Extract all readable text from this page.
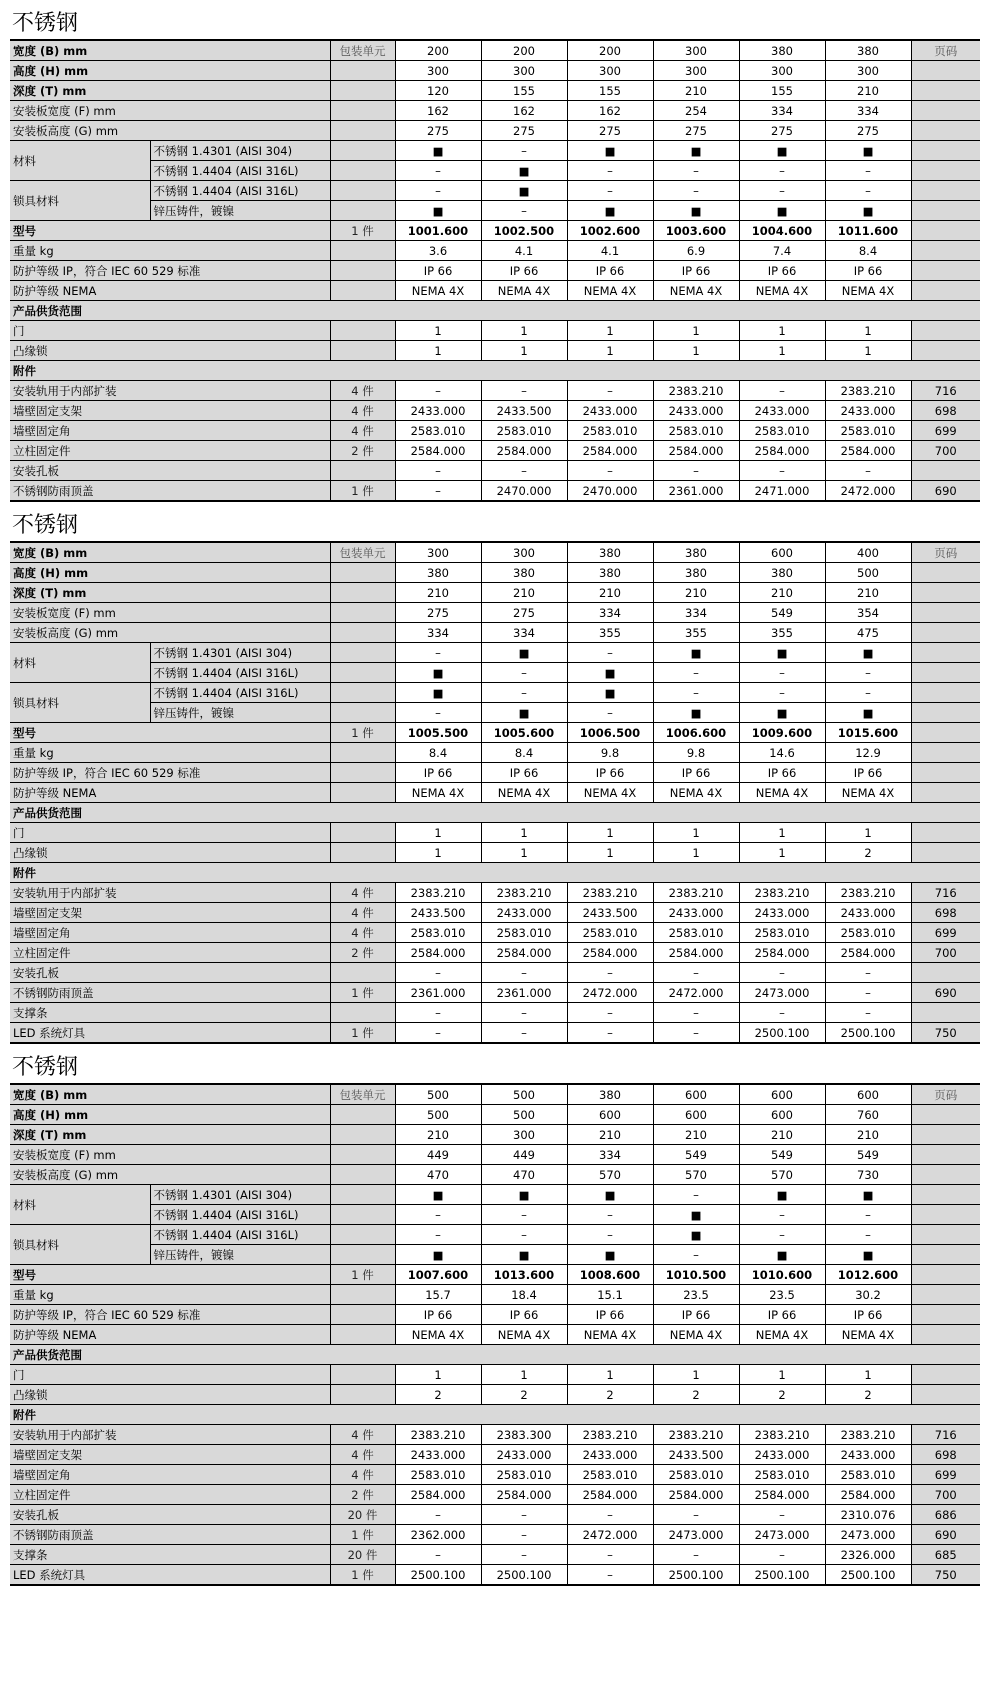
不锈钢
宽度 (B) mm		包装单元	200	200	200	300	380	380	页码
高度 (H) mm			300	300	300	300	300	300	
深度 (T) mm			120	155	155	210	155	210	
安装板宽度 (F) mm			162	162	162	254	334	334	
安装板高度 (G) mm			275	275	275	275	275	275	
材料	不锈钢 1.4301 (AISI 304)		■	–	■	■	■	■	
	不锈钢 1.4404 (AISI 316L)		–	■	–	–	–	–	
锁具材料	不锈钢 1.4404 (AISI 316L)		–	■	–	–	–	–	
	锌压铸件，镀镍		■	–	■	■	■	■	
型号		1 件	1001.600	1002.500	1002.600	1003.600	1004.600	1011.600	
重量 kg			3.6	4.1	4.1	6.9	7.4	8.4	
防护等级 IP，符合 IEC 60 529 标准			IP 66	IP 66	IP 66	IP 66	IP 66	IP 66	
防护等级 NEMA			NEMA 4X	NEMA 4X	NEMA 4X	NEMA 4X	NEMA 4X	NEMA 4X	
产品供货范围									
门			1	1	1	1	1	1	
凸缘锁			1	1	1	1	1	1	
附件									
安装轨用于内部扩装		4 件	–	–	–	2383.210	–	2383.210	716
墙壁固定支架		4 件	2433.000	2433.500	2433.000	2433.000	2433.000	2433.000	698
墙壁固定角		4 件	2583.010	2583.010	2583.010	2583.010	2583.010	2583.010	699
立柱固定件		2 件	2584.000	2584.000	2584.000	2584.000	2584.000	2584.000	700
安装孔板			–	–	–	–	–	–	
不锈钢防雨顶盖		1 件	–	2470.000	2470.000	2361.000	2471.000	2472.000	690
不锈钢
宽度 (B) mm		包装单元	300	300	380	380	600	400	页码
高度 (H) mm			380	380	380	380	380	500	
深度 (T) mm			210	210	210	210	210	210	
安装板宽度 (F) mm			275	275	334	334	549	354	
安装板高度 (G) mm			334	334	355	355	355	475	
材料	不锈钢 1.4301 (AISI 304)		–	■	–	■	■	■	
	不锈钢 1.4404 (AISI 316L)		■	–	■	–	–	–	
锁具材料	不锈钢 1.4404 (AISI 316L)		■	–	■	–	–	–	
	锌压铸件，镀镍		–	■	–	■	■	■	
型号		1 件	1005.500	1005.600	1006.500	1006.600	1009.600	1015.600	
重量 kg			8.4	8.4	9.8	9.8	14.6	12.9	
防护等级 IP，符合 IEC 60 529 标准			IP 66	IP 66	IP 66	IP 66	IP 66	IP 66	
防护等级 NEMA			NEMA 4X	NEMA 4X	NEMA 4X	NEMA 4X	NEMA 4X	NEMA 4X	
产品供货范围									
门			1	1	1	1	1	1	
凸缘锁			1	1	1	1	1	2	
附件									
安装轨用于内部扩装		4 件	2383.210	2383.210	2383.210	2383.210	2383.210	2383.210	716
墙壁固定支架		4 件	2433.500	2433.000	2433.500	2433.000	2433.000	2433.000	698
墙壁固定角		4 件	2583.010	2583.010	2583.010	2583.010	2583.010	2583.010	699
立柱固定件		2 件	2584.000	2584.000	2584.000	2584.000	2584.000	2584.000	700
安装孔板			–	–	–	–	–	–	
不锈钢防雨顶盖		1 件	2361.000	2361.000	2472.000	2472.000	2473.000	–	690
支撑条			–	–	–	–	–	–	
LED 系统灯具		1 件	–	–	–	–	2500.100	2500.100	750
不锈钢
宽度 (B) mm		包装单元	500	500	380	600	600	600	页码
高度 (H) mm			500	500	600	600	600	760	
深度 (T) mm			210	300	210	210	210	210	
安装板宽度 (F) mm			449	449	334	549	549	549	
安装板高度 (G) mm			470	470	570	570	570	730	
材料	不锈钢 1.4301 (AISI 304)		■	■	■	–	■	■	
	不锈钢 1.4404 (AISI 316L)		–	–	–	■	–	–	
锁具材料	不锈钢 1.4404 (AISI 316L)		–	–	–	■	–	–	
	锌压铸件，镀镍		■	■	■	–	■	■	
型号		1 件	1007.600	1013.600	1008.600	1010.500	1010.600	1012.600	
重量 kg			15.7	18.4	15.1	23.5	23.5	30.2	
防护等级 IP，符合 IEC 60 529 标准			IP 66	IP 66	IP 66	IP 66	IP 66	IP 66	
防护等级 NEMA			NEMA 4X	NEMA 4X	NEMA 4X	NEMA 4X	NEMA 4X	NEMA 4X	
产品供货范围									
门			1	1	1	1	1	1	
凸缘锁			2	2	2	2	2	2	
附件									
安装轨用于内部扩装		4 件	2383.210	2383.300	2383.210	2383.210	2383.210	2383.210	716
墙壁固定支架		4 件	2433.000	2433.000	2433.000	2433.500	2433.000	2433.000	698
墙壁固定角		4 件	2583.010	2583.010	2583.010	2583.010	2583.010	2583.010	699
立柱固定件		2 件	2584.000	2584.000	2584.000	2584.000	2584.000	2584.000	700
安装孔板		20 件	–	–	–	–	–	2310.076	686
不锈钢防雨顶盖		1 件	2362.000	–	2472.000	2473.000	2473.000	2473.000	690
支撑条		20 件	–	–	–	–	–	2326.000	685
LED 系统灯具		1 件	2500.100	2500.100	–	2500.100	2500.100	2500.100	750
